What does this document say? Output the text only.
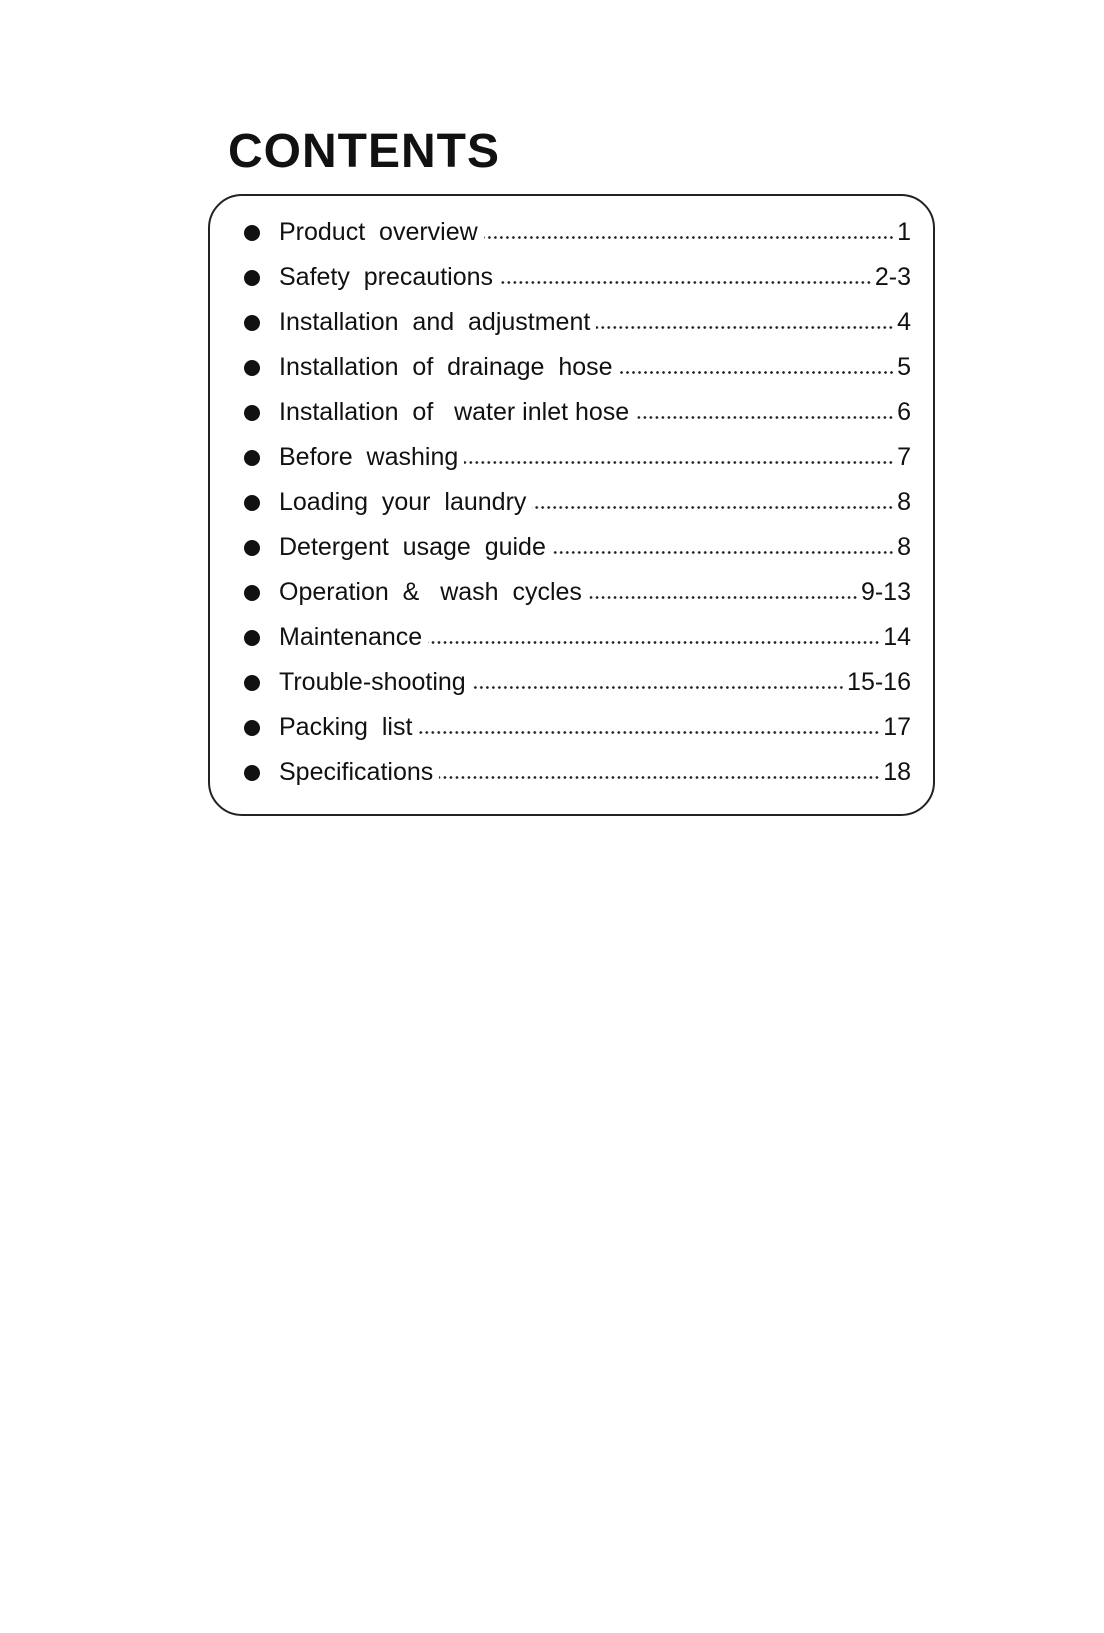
CONTENTS
Product  overview	1
Safety  precautions	2-3
Installation  and  adjustment	4
Installation  of  drainage  hose	5
Installation  of   water inlet hose	6
Before  washing	7
Loading  your  laundry	8
Detergent  usage  guide	8
Operation  &   wash  cycles	9-13
Maintenance	14
Trouble-shooting	15-16
Packing  list	17
Specifications	18
